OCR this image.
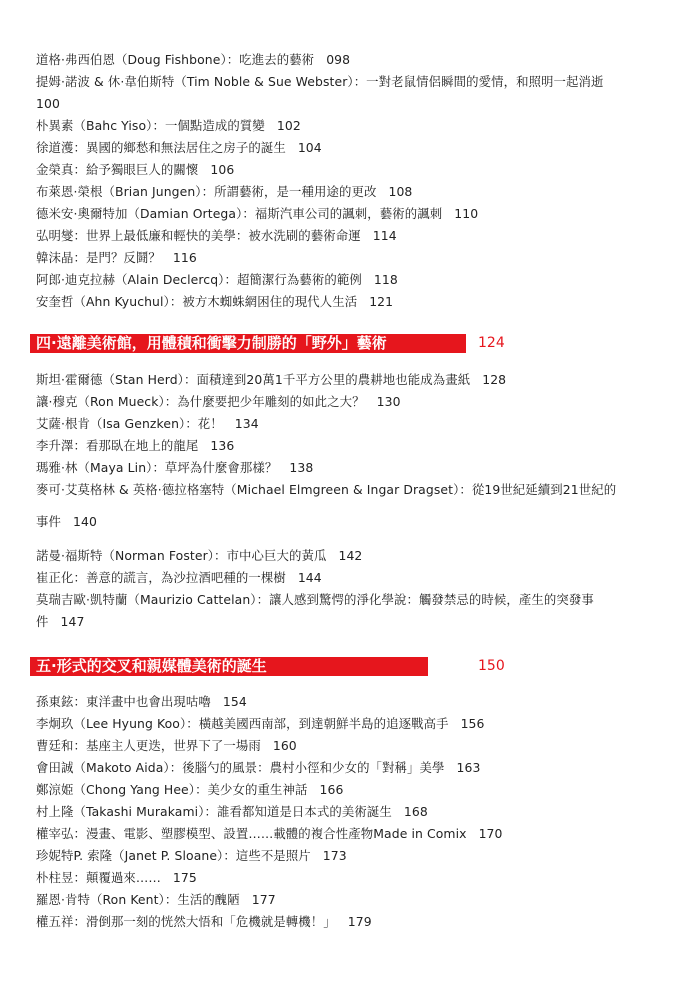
道格·弗西伯恩（Doug Fishbone）：吃進去的藝術 098
提姆·諾波 & 休·韋伯斯特（Tim Noble & Sue Webster）：一對老鼠情侶瞬間的愛情，和照明一起消逝
100
朴異素（Bahc Yiso）：一個點造成的質變 102
徐道濩：異國的鄉愁和無法居住之房子的誕生 104
金榮真：給予獨眼巨人的關懷 106
布萊恩·榮根（Brian Jungen）：所謂藝術，是一種用途的更改 108
德米安·奧爾特加（Damian Ortega）：福斯汽車公司的諷刺，藝術的諷刺 110
弘明燮：世界上最低廉和輕快的美學：被水洗刷的藝術命運 114
韓沫晶：是門？反鬪？ 116
阿郎·迪克拉赫（Alain Declercq）：超簡潔行為藝術的範例 118
安奎哲（Ahn Kyuchul）：被方木蜘蛛網困住的現代人生活 121
四·遠離美術館，用體積和衝擊力制勝的「野外」藝術	124
斯坦·霍爾德（Stan Herd）：面積達到20萬1千平方公里的農耕地也能成為畫紙 128
讓·穆克（Ron Mueck）：為什麼要把少年雕刻的如此之大？ 130
艾薩·根肯（Isa Genzken）：花！ 134
李升澤：看那臥在地上的龍尾 136
瑪雅·林（Maya Lin）：草坪為什麼會那樣？ 138
麥可·艾莫格林 & 英格·德拉格塞特（Michael Elmgreen & Ingar Dragset）：從19世紀延續到21世紀的
事件 140
諾曼·福斯特（Norman Foster）：市中心巨大的黃瓜 142
崔正化：善意的謊言，為沙拉酒吧種的一棵樹 144
莫瑞吉歐·凱特蘭（Maurizio Cattelan）：讓人感到驚愕的淨化學說：觸發禁忌的時候，產生的突發事
件 147
五·形式的交叉和親媒體美術的誕生	150
孫東鉉：東洋畫中也會出現咕嚕 154
李炯玖（Lee Hyung Koo）：橫越美國西南部，到達朝鮮半島的追逐戰高手 156
曹廷和：基座主人更迭，世界下了一場雨 160
會田誠（Makoto Aida）：後腦勺的風景：農村小徑和少女的「對稱」美學 163
鄭涼姫（Chong Yang Hee）：美少女的重生神話 166
村上隆（Takashi Murakami）：誰看都知道是日本式的美術誕生 168
權宰弘：漫畫、電影、塑膠模型、設置……載體的複合性產物Made in Comix 170
珍妮特P. 索隆（Janet P. Sloane）：這些不是照片 173
朴柱昱：顛覆過來…… 175
羅恩·肯特（Ron Kent）：生活的醜陋 177
權五祥：滑倒那一刻的恍然大悟和「危機就是轉機！」 179
